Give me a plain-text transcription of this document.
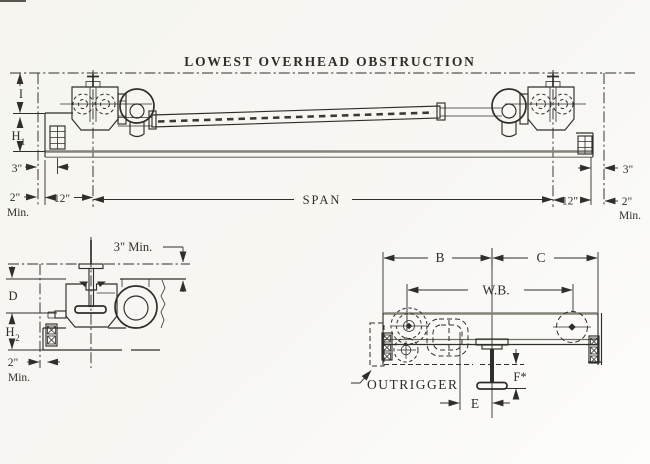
LOWEST OVERHEAD OBSTRUCTION
I
H 1
3"
2"
Min.
12"	SPAN	12"
3"
2"
Min.
3" Min.
D
H 2
2"
Min.
B	C
W.B.
OUTRIGGER
E
F*
